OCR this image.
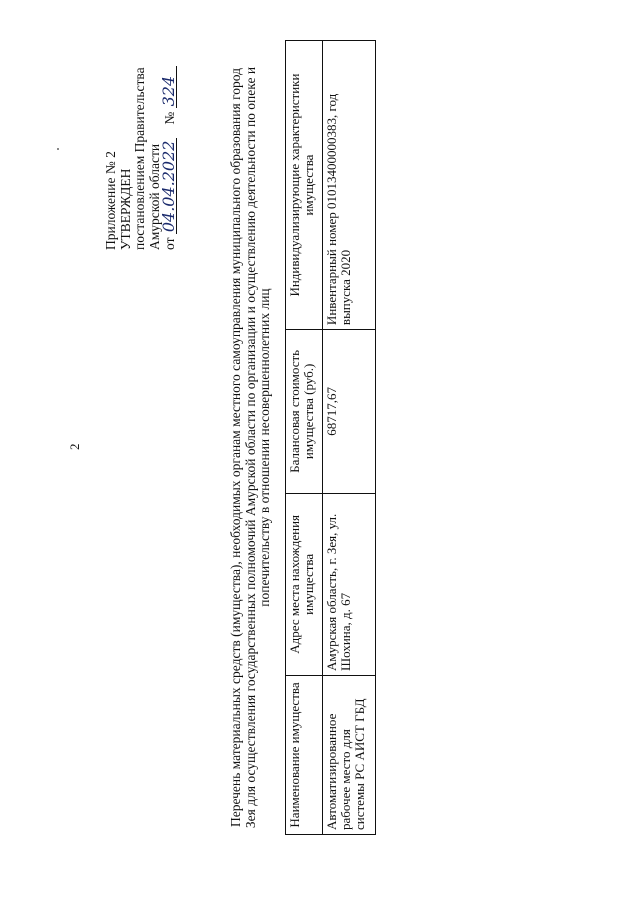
2
Приложение № 2 УТВЕРЖДЕН постановлением Правительства Амурской области от 04.04.2022    № 324	Перечень материальных средств (имущества), необходимых органам местного самоуправления муниципального образования город Зея для осуществления государственных полномочий Амурской области по организации и осуществлению деятельности по опеке и попечительству в отношении несовершеннолетних лиц
Наименование имущества	Адрес места нахождения имущества	Балансовая стоимость имущества (руб.)	Индивидуализирующие характеристики имущества
Автоматизированное рабочее место для системы РС АИСТ ГБД	Амурская область, г. Зея, ул. Шохина, д. 67	68717,67	Инвентарный номер 01013400000383, год выпуска 2020
